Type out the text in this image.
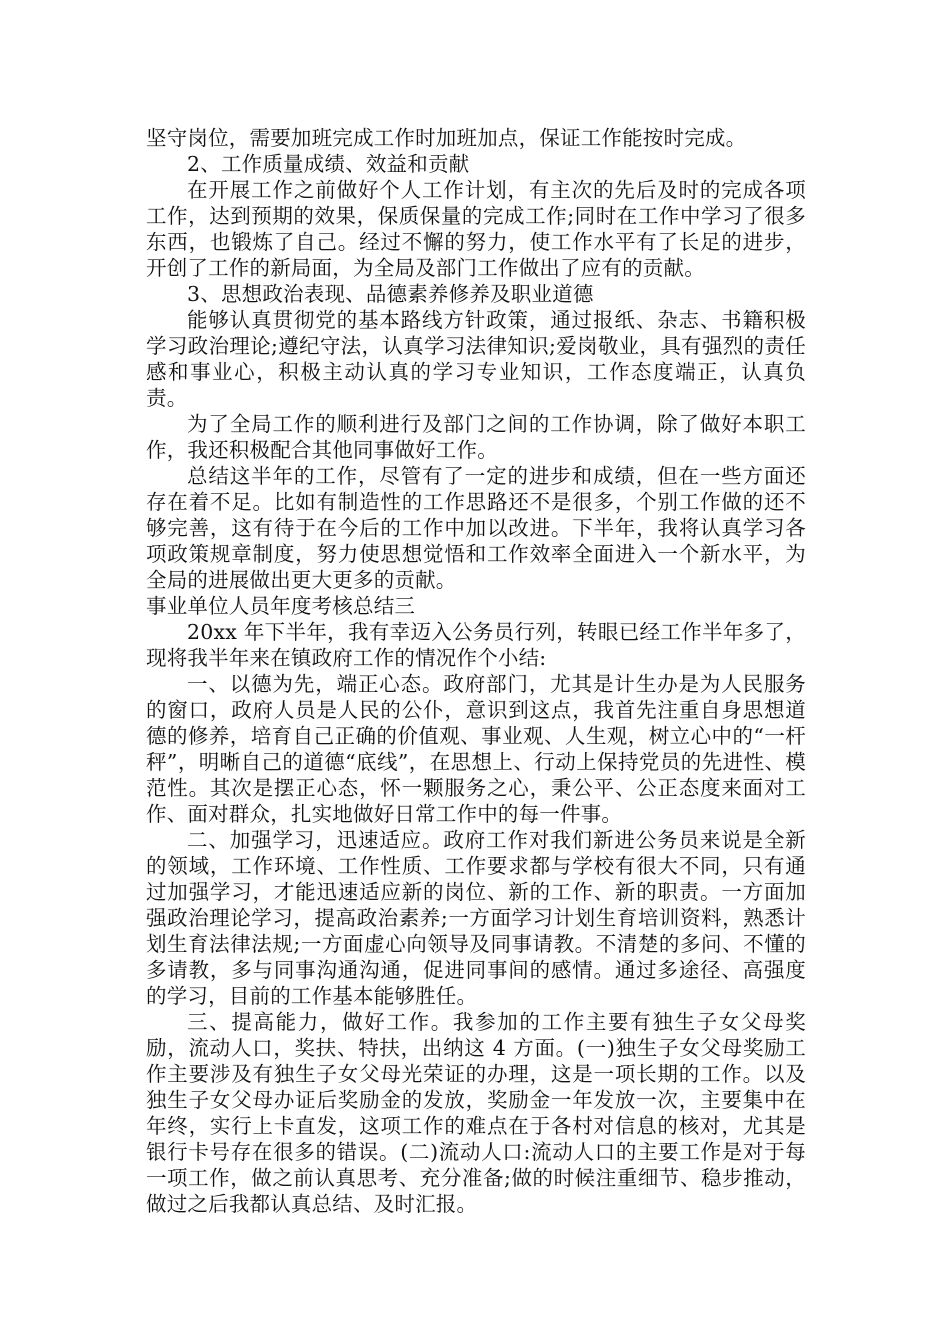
坚守岗位，需要加班完成工作时加班加点，保证工作能按时完成。

2、工作质量成绩、效益和贡献

在开展工作之前做好个人工作计划，有主次的先后及时的完成各项工作，达到预期的效果，保质保量的完成工作;同时在工作中学习了很多东西，也锻炼了自己。经过不懈的努力，使工作水平有了长足的进步，开创了工作的新局面，为全局及部门工作做出了应有的贡献。

3、思想政治表现、品德素养修养及职业道德

能够认真贯彻党的基本路线方针政策，通过报纸、杂志、书籍积极学习政治理论;遵纪守法，认真学习法律知识;爱岗敬业，具有强烈的责任感和事业心，积极主动认真的学习专业知识，工作态度端正，认真负责。

为了全局工作的顺利进行及部门之间的工作协调，除了做好本职工作，我还积极配合其他同事做好工作。

总结这半年的工作，尽管有了一定的进步和成绩，但在一些方面还存在着不足。比如有制造性的工作思路还不是很多，个别工作做的还不够完善，这有待于在今后的工作中加以改进。下半年，我将认真学习各项政策规章制度，努力使思想觉悟和工作效率全面进入一个新水平，为全局的进展做出更大更多的贡献。

事业单位人员年度考核总结三

20xx 年下半年，我有幸迈入公务员行列，转眼已经工作半年多了，现将我半年来在镇政府工作的情况作个小结:

一、以德为先，端正心态。政府部门，尤其是计生办是为人民服务的窗口，政府人员是人民的公仆，意识到这点，我首先注重自身思想道德的修养，培育自己正确的价值观、事业观、人生观，树立心中的“一杆秤”，明晰自己的道德“底线”，在思想上、行动上保持党员的先进性、模范性。其次是摆正心态，怀一颗服务之心，秉公平、公正态度来面对工作、面对群众，扎实地做好日常工作中的每一件事。

二、加强学习，迅速适应。政府工作对我们新进公务员来说是全新的领域，工作环境、工作性质、工作要求都与学校有很大不同，只有通过加强学习，才能迅速适应新的岗位、新的工作、新的职责。一方面加强政治理论学习，提高政治素养;一方面学习计划生育培训资料，熟悉计划生育法律法规;一方面虚心向领导及同事请教。不清楚的多问、不懂的多请教，多与同事沟通沟通，促进同事间的感情。通过多途径、高强度的学习，目前的工作基本能够胜任。

三、提高能力，做好工作。我参加的工作主要有独生子女父母奖励，流动人口，奖扶、特扶，出纳这 4 方面。(一)独生子女父母奖励工作主要涉及有独生子女父母光荣证的办理，这是一项长期的工作。以及独生子女父母办证后奖励金的发放，奖励金一年发放一次，主要集中在年终，实行上卡直发，这项工作的难点在于各村对信息的核对，尤其是银行卡号存在很多的错误。(二)流动人口:流动人口的主要工作是对于每一项工作，做之前认真思考、充分准备;做的时候注重细节、稳步推动，做过之后我都认真总结、及时汇报。
